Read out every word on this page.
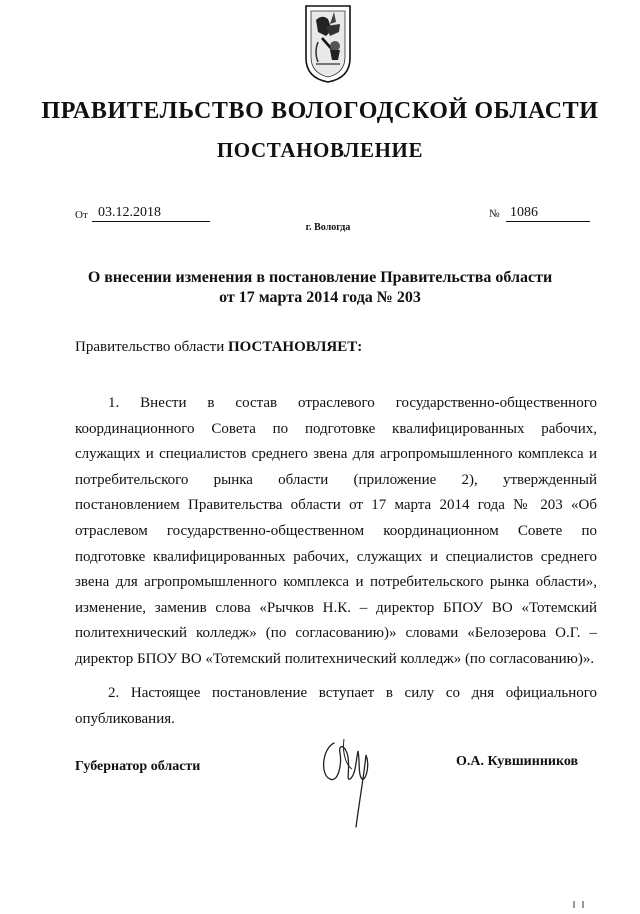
ПРАВИТЕЛЬСТВО ВОЛОГОДСКОЙ ОБЛАСТИ
ПОСТАНОВЛЕНИЕ
От 03.12.2018
г. Вологда
№ 1086
О внесении изменения в постановление Правительства области
от 17 марта 2014 года № 203
Правительство области ПОСТАНОВЛЯЕТ:
1. Внести в состав отраслевого государственно-общественного координационного Совета по подготовке квалифицированных рабочих, служащих и специалистов среднего звена для агропромышленного комплекса и потребительского рынка области (приложение 2), утвержденный постановлением Правительства области от 17 марта 2014 года № 203 «Об отраслевом государственно-общественном координационном Совете по подготовке квалифицированных рабочих, служащих и специалистов среднего звена для агропромышленного комплекса и потребительского рынка области», изменение, заменив слова «Рычков Н.К. – директор БПОУ ВО «Тотемский политехнический колледж» (по согласованию)» словами «Белозерова О.Г. – директор БПОУ ВО «Тотемский политехнический колледж» (по согласованию)».
2. Настоящее постановление вступает в силу со дня официального опубликования.
Губернатор области	О.А. Кувшинников
